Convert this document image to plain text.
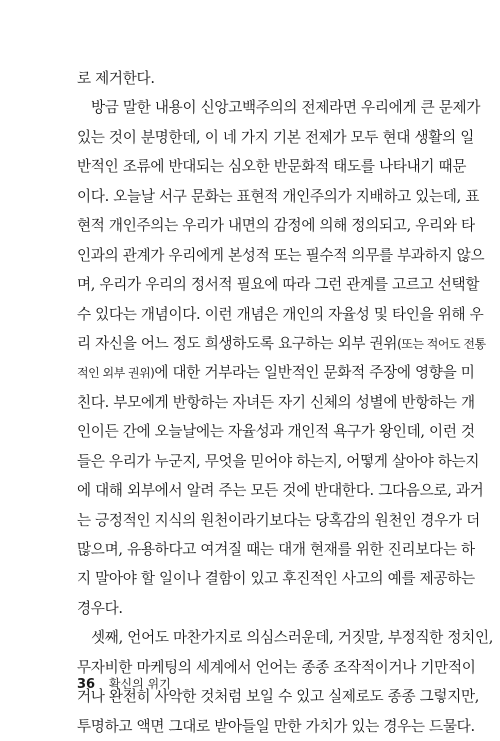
로 제거한다.
방금 말한 내용이 신앙고백주의의 전제라면 우리에게 큰 문제가
있는 것이 분명한데, 이 네 가지 기본 전제가 모두 현대 생활의 일
반적인 조류에 반대되는 심오한 반문화적 태도를 나타내기 때문
이다. 오늘날 서구 문화는 표현적 개인주의가 지배하고 있는데, 표
현적 개인주의는 우리가 내면의 감정에 의해 정의되고, 우리와 타
인과의 관계가 우리에게 본성적 또는 필수적 의무를 부과하지 않으
며, 우리가 우리의 정서적 필요에 따라 그런 관계를 고르고 선택할
수 있다는 개념이다. 이런 개념은 개인의 자율성 및 타인을 위해 우
리 자신을 어느 정도 희생하도록 요구하는 외부 권위(또는 적어도 전통
적인 외부 권위)에 대한 거부라는 일반적인 문화적 주장에 영향을 미
친다. 부모에게 반항하는 자녀든 자기 신체의 성별에 반항하는 개
인이든 간에 오늘날에는 자율성과 개인적 욕구가 왕인데, 이런 것
들은 우리가 누군지, 무엇을 믿어야 하는지, 어떻게 살아야 하는지
에 대해 외부에서 알려 주는 모든 것에 반대한다. 그다음으로, 과거
는 긍정적인 지식의 원천이라기보다는 당혹감의 원천인 경우가 더
많으며, 유용하다고 여겨질 때는 대개 현재를 위한 진리보다는 하
지 말아야 할 일이나 결함이 있고 후진적인 사고의 예를 제공하는
경우다.
셋째, 언어도 마찬가지로 의심스러운데, 거짓말, 부정직한 정치인,
무자비한 마케팅의 세계에서 언어는 종종 조작적이거나 기만적이
거나 완전히 사악한 것처럼 보일 수 있고 실제로도 종종 그렇지만,
투명하고 액면 그대로 받아들일 만한 가치가 있는 경우는 드물다.
36 확신의 위기
